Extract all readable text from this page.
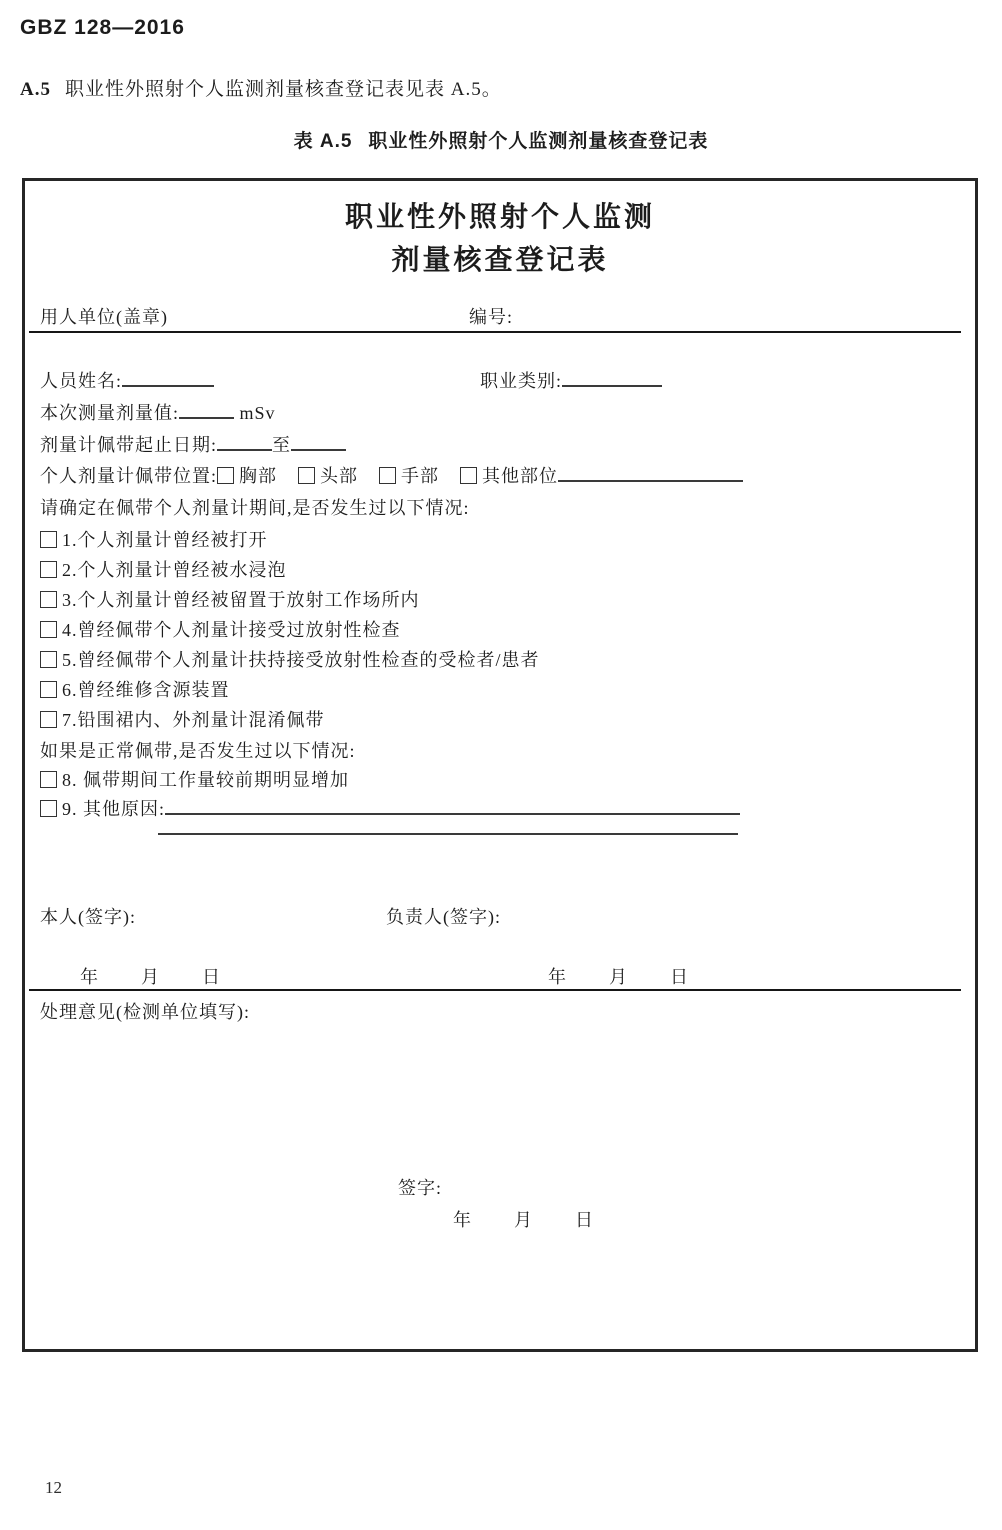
GBZ 128—2016
A.5 职业性外照射个人监测剂量核查登记表见表 A.5。
表 A.5 职业性外照射个人监测剂量核查登记表
职业性外照射个人监测
剂量核查登记表
用人单位(盖章)	编号:
人员姓名:	职业类别:
本次测量剂量值:	mSv
剂量计佩带起止日期:	至
个人剂量计佩带位置: 胸部 头部 手部 其他部位
请确定在佩带个人剂量计期间,是否发生过以下情况:
1.个人剂量计曾经被打开
2.个人剂量计曾经被水浸泡
3.个人剂量计曾经被留置于放射工作场所内
4.曾经佩带个人剂量计接受过放射性检查
5.曾经佩带个人剂量计扶持接受放射性检查的受检者/患者
6.曾经维修含源装置
7.铅围裙内、外剂量计混淆佩带
如果是正常佩带,是否发生过以下情况:
8. 佩带期间工作量较前期明显增加
9. 其他原因:
本人(签字):	负责人(签字):
年 月 日	年 月 日
处理意见(检测单位填写):
签字:
年 月 日
12
